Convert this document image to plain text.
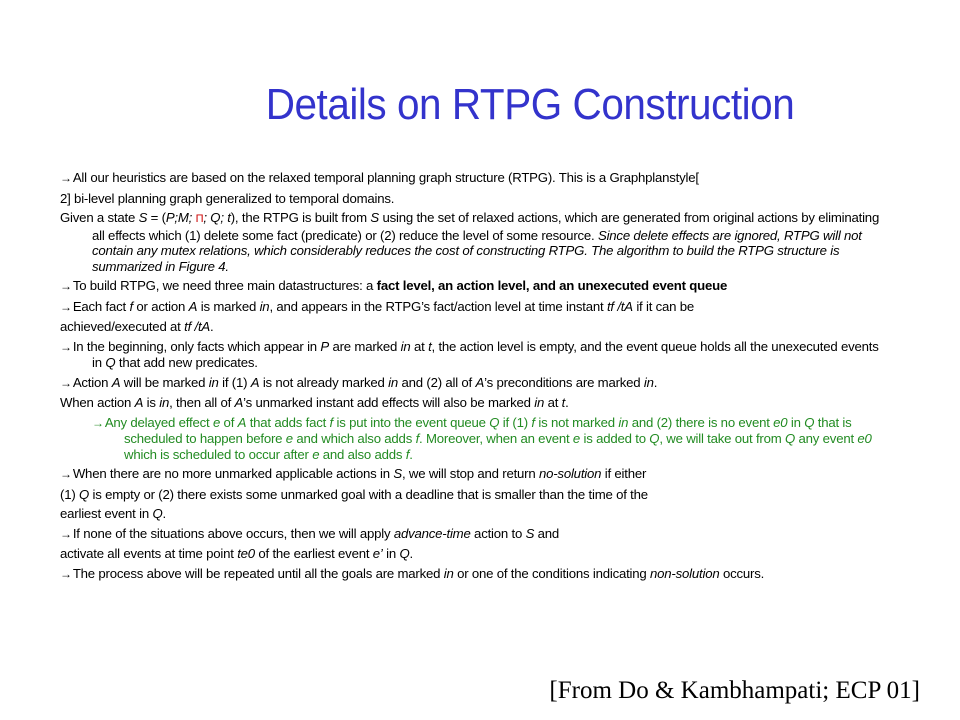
Details on RTPG Construction
→All our heuristics are based on the relaxed temporal planning graph structure (RTPG). This is a Graphplanstyle[
2] bi-level planning graph generalized to temporal domains.
Given a state S = (P;M; Π; Q; t), the RTPG is built from S using the set of relaxed actions, which are generated from original actions by eliminating all effects which (1) delete some fact (predicate) or (2) reduce the level of some resource. Since delete effects are ignored, RTPG will not contain any mutex relations, which considerably reduces the cost of constructing RTPG. The algorithm to build the RTPG structure is summarized in Figure 4.
→To build RTPG, we need three main datastructures: a fact level, an action level, and an unexecuted event queue
→Each fact f or action A is marked in, and appears in the RTPG’s fact/action level at time instant tf /tA if it can be
achieved/executed at tf /tA.
→In the beginning, only facts which appear in P are marked in at t, the action level is empty, and the event queue holds all the unexecuted events in Q that add new predicates.
→Action A will be marked in if (1) A is not already marked in and (2) all of A’s preconditions are marked in.
When action A is in, then all of A’s unmarked instant add effects will also be marked in at t.
→Any delayed effect e of A that adds fact f is put into the event queue Q if (1) f is not marked in and (2) there is no event e0 in Q that is scheduled to happen before e and which also adds f. Moreover, when an event e is added to Q, we will take out from Q any event e0 which is scheduled to occur after e and also adds f.
→When there are no more unmarked applicable actions in S, we will stop and return no-solution if either
(1) Q is empty or (2) there exists some unmarked goal with a deadline that is smaller than the time of the
earliest event in Q.
→If none of the situations above occurs, then we will apply advance-time action to S and
activate all events at time point te0 of the earliest event e’ in Q.
→The process above will be repeated until all the goals are marked in or one of the conditions indicating non-solution occurs.
[From Do & Kambhampati; ECP 01]
